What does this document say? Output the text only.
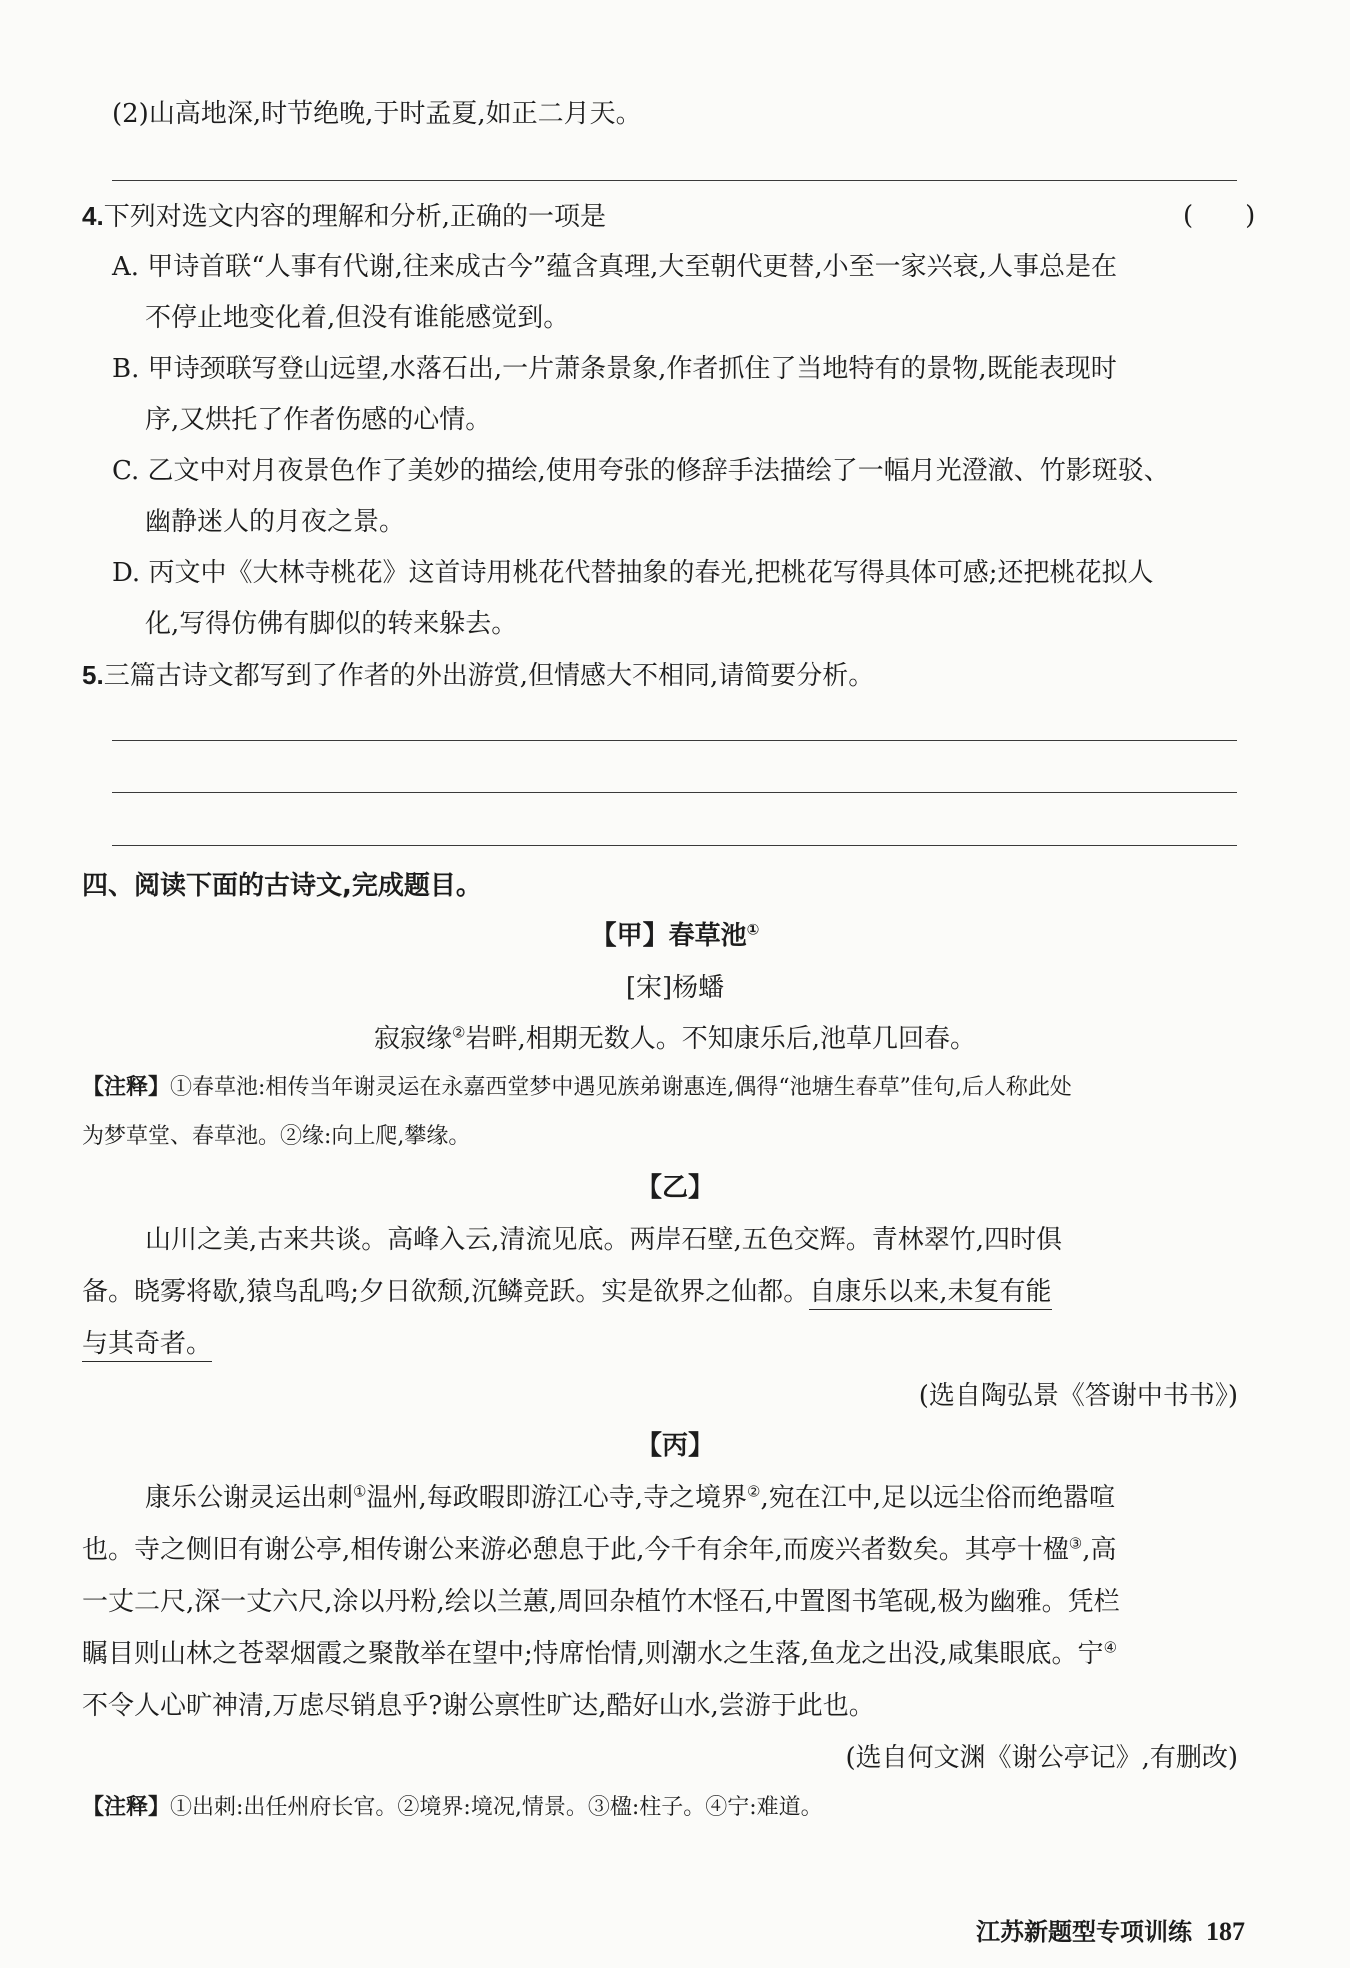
(2)山高地深,时节绝晚,于时孟夏,如正二月天。
4.下列对选文内容的理解和分析,正确的一项是	(　　)
A. 甲诗首联“人事有代谢,往来成古今”蕴含真理,大至朝代更替,小至一家兴衰,人事总是在
不停止地变化着,但没有谁能感觉到。
B. 甲诗颈联写登山远望,水落石出,一片萧条景象,作者抓住了当地特有的景物,既能表现时
序,又烘托了作者伤感的心情。
C. 乙文中对月夜景色作了美妙的描绘,使用夸张的修辞手法描绘了一幅月光澄澈、竹影斑驳、
幽静迷人的月夜之景。
D. 丙文中《大林寺桃花》这首诗用桃花代替抽象的春光,把桃花写得具体可感;还把桃花拟人
化,写得仿佛有脚似的转来躲去。
5.三篇古诗文都写到了作者的外出游赏,但情感大不相同,请简要分析。
四、阅读下面的古诗文,完成题目。
【甲】春草池①
[宋]杨蟠
寂寂缘②岩畔,相期无数人。不知康乐后,池草几回春。
【注释】①春草池:相传当年谢灵运在永嘉西堂梦中遇见族弟谢惠连,偶得“池塘生春草”佳句,后人称此处
为梦草堂、春草池。②缘:向上爬,攀缘。
【乙】
山川之美,古来共谈。高峰入云,清流见底。两岸石壁,五色交辉。青林翠竹,四时俱
备。晓雾将歇,猿鸟乱鸣;夕日欲颓,沉鳞竞跃。实是欲界之仙都。自康乐以来,未复有能
与其奇者。
(选自陶弘景《答谢中书书》)
【丙】
康乐公谢灵运出刺①温州,每政暇即游江心寺,寺之境界②,宛在江中,足以远尘俗而绝嚣喧
也。寺之侧旧有谢公亭,相传谢公来游必憩息于此,今千有余年,而废兴者数矣。其亭十楹③,高
一丈二尺,深一丈六尺,涂以丹粉,绘以兰蕙,周回杂植竹木怪石,中置图书笔砚,极为幽雅。凭栏
瞩目则山林之苍翠烟霞之聚散举在望中;恃席怡情,则潮水之生落,鱼龙之出没,咸集眼底。宁④
不令人心旷神清,万虑尽销息乎?谢公禀性旷达,酷好山水,尝游于此也。
(选自何文渊《谢公亭记》,有删改)
【注释】①出刺:出任州府长官。②境界:境况,情景。③楹:柱子。④宁:难道。
江苏新题型专项训练 187
